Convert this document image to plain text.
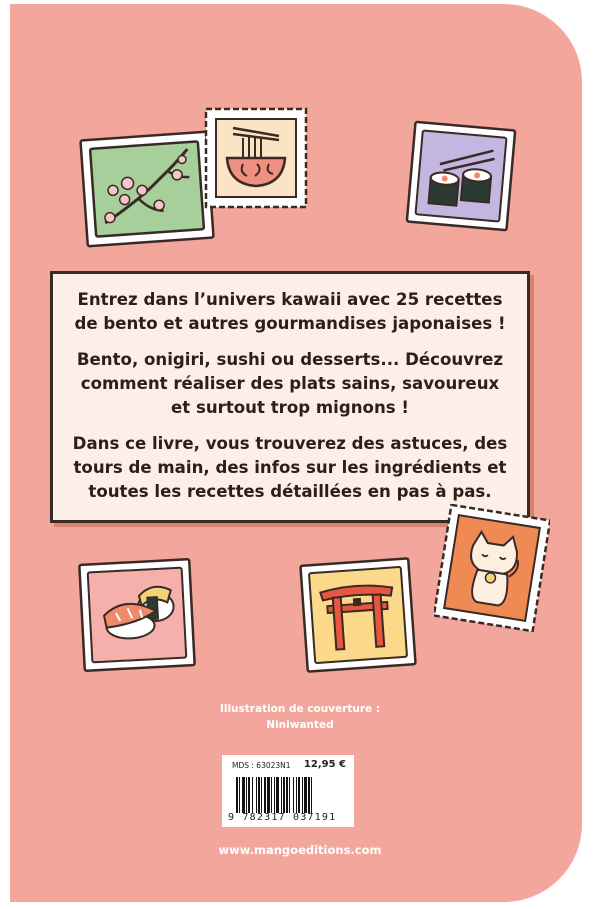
Entrez dans l’univers kawaii avec 25 recettes de bento et autres gourmandises japonaises !

Bento, onigiri, sushi ou desserts... Découvrez comment réaliser des plats sains, savoureux et surtout trop mignons !

Dans ce livre, vous trouverez des astuces, des tours de main, des infos sur les ingrédients et toutes les recettes détaillées en pas à pas.

Illustration de couverture :
Niniwanted
MDS : 63023N1 12,95 €
9 782317 037191
www.mangoeditions.com
